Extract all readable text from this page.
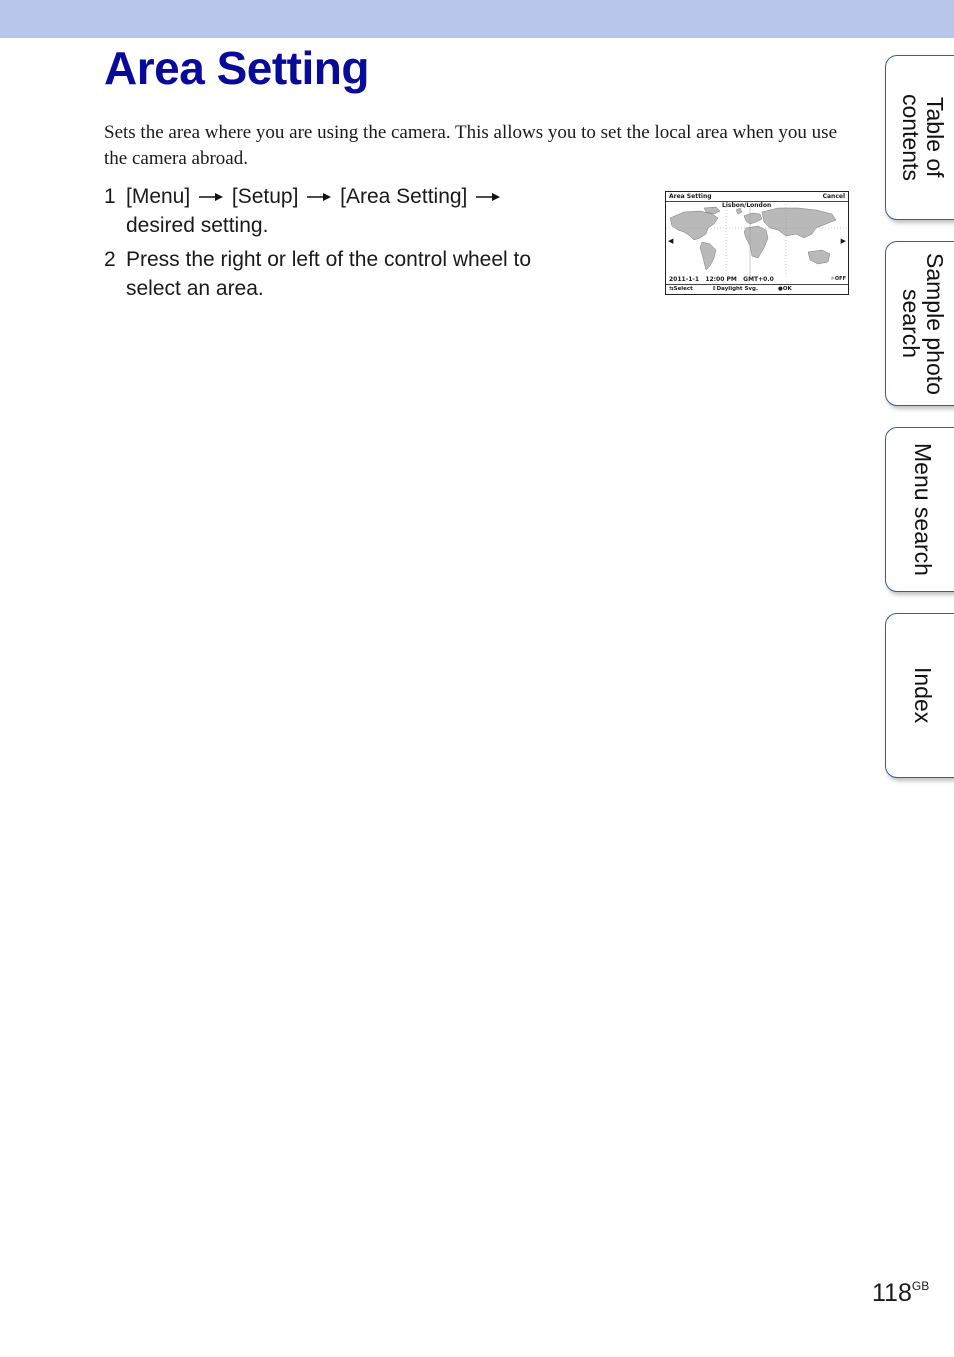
Area Setting

Sets the area where you are using the camera. This allows you to set the local area when you use the camera abroad.

1 [Menu] [Setup] [Area Setting]
desired setting.
2 Press the right or left of the control wheel to
select an area.
Area Setting	Cancel
Lisbon/London
◀	▶
2011-1-1 12:00 PM GMT+0.0	☼OFF
⇆Select	⇕Daylight Svg.	●OK
Table of
contents
Sample photo
search
Menu search
Index
$118^{GB}$
